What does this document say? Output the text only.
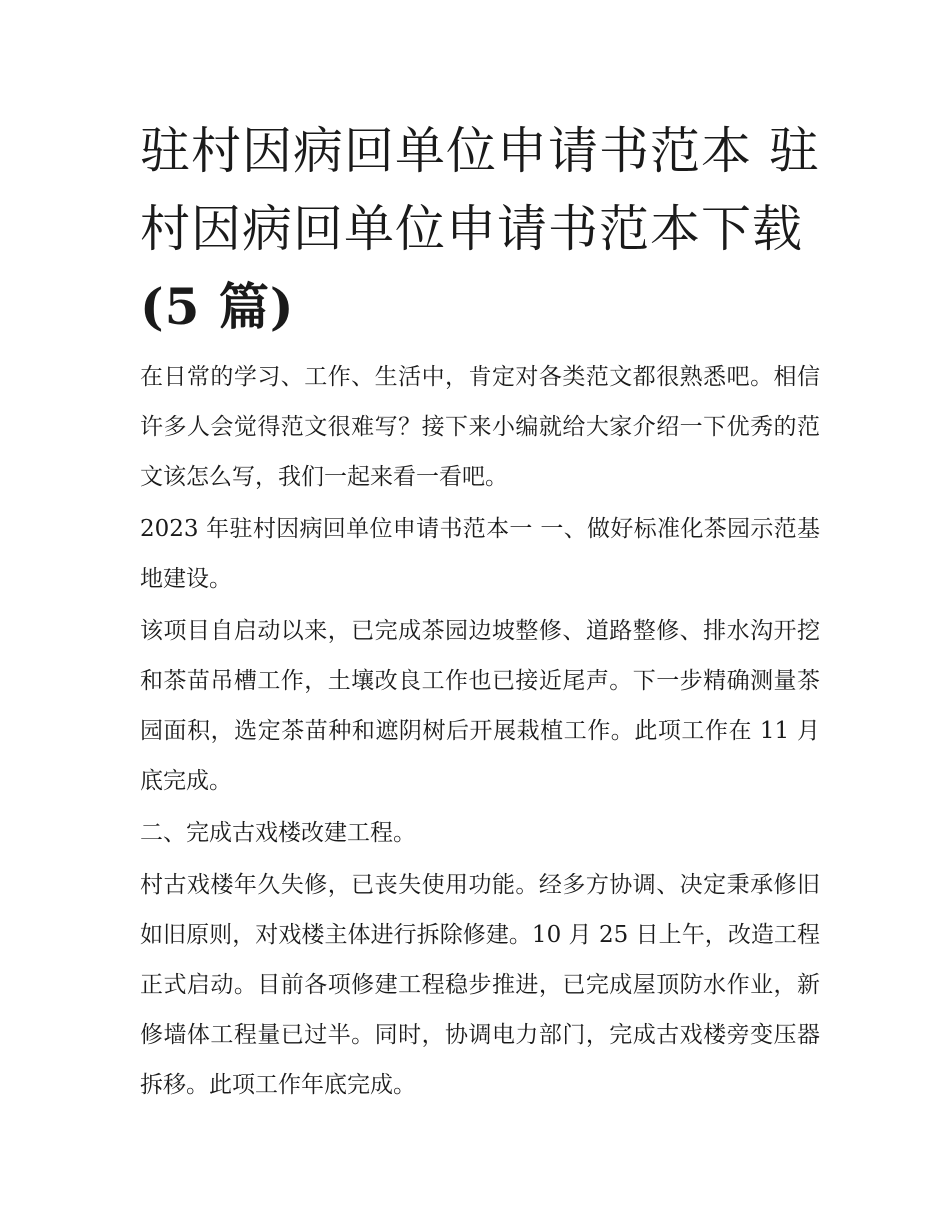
驻村因病回单位申请书范本 驻
村因病回单位申请书范本下载
(5 篇)

在日常的学习、工作、生活中，肯定对各类范文都很熟悉吧。相信许多人会觉得范文很难写？接下来小编就给大家介绍一下优秀的范文该怎么写，我们一起来看一看吧。

2023 年驻村因病回单位申请书范本一 一、做好标准化茶园示范基地建设。

该项目自启动以来，已完成茶园边坡整修、道路整修、排水沟开挖和茶苗吊槽工作，土壤改良工作也已接近尾声。下一步精确测量茶园面积，选定茶苗种和遮阴树后开展栽植工作。此项工作在 11 月底完成。

二、完成古戏楼改建工程。

村古戏楼年久失修，已丧失使用功能。经多方协调、决定秉承修旧如旧原则，对戏楼主体进行拆除修建。10 月 25 日上午，改造工程正式启动。目前各项修建工程稳步推进，已完成屋顶防水作业，新修墙体工程量已过半。同时，协调电力部门，完成古戏楼旁变压器拆移。此项工作年底完成。
